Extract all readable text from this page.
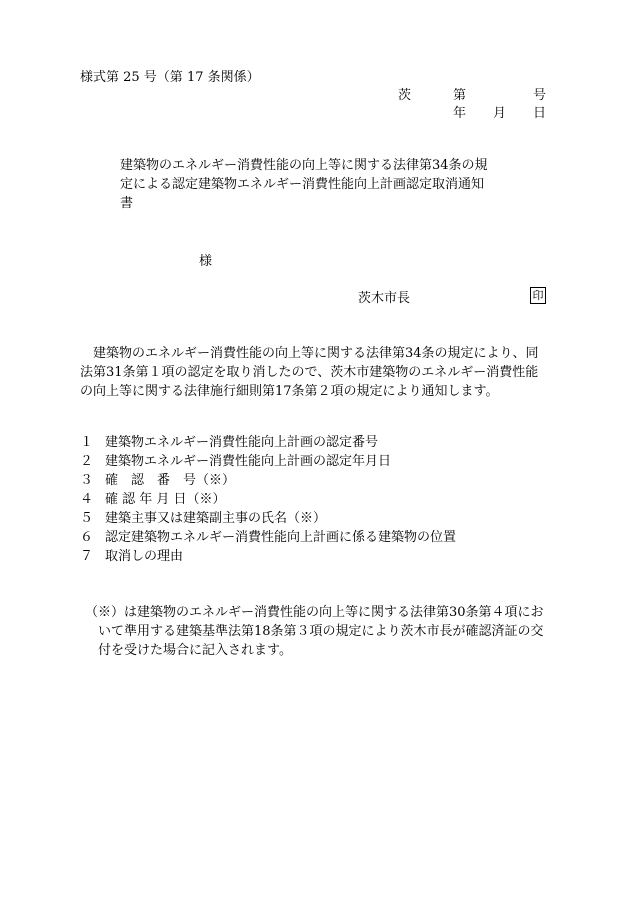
様式第 25 号（第 17 条関係）
茨	第	号
年 月 日
建築物のエネルギー消費性能の向上等に関する法律第34条の規
定による認定建築物エネルギー消費性能向上計画認定取消通知
書
様
茨木市長	印
　建築物のエネルギー消費性能の向上等に関する法律第34条の規定により、同
法第31条第１項の認定を取り消したので、茨木市建築物のエネルギー消費性能
の向上等に関する法律施行細則第17条第２項の規定により通知します。
１ 建築物エネルギー消費性能向上計画の認定番号
２ 建築物エネルギー消費性能向上計画の認定年月日
３ 確　認　番　号（※）
４ 確 認 年 月 日（※）
５ 建築主事又は建築副主事の氏名（※）
６ 認定建築物エネルギー消費性能向上計画に係る建築物の位置
７ 取消しの理由
（※）は建築物のエネルギー消費性能の向上等に関する法律第30条第４項にお
いて準用する建築基準法第18条第３項の規定により茨木市長が確認済証の交
付を受けた場合に記入されます。
